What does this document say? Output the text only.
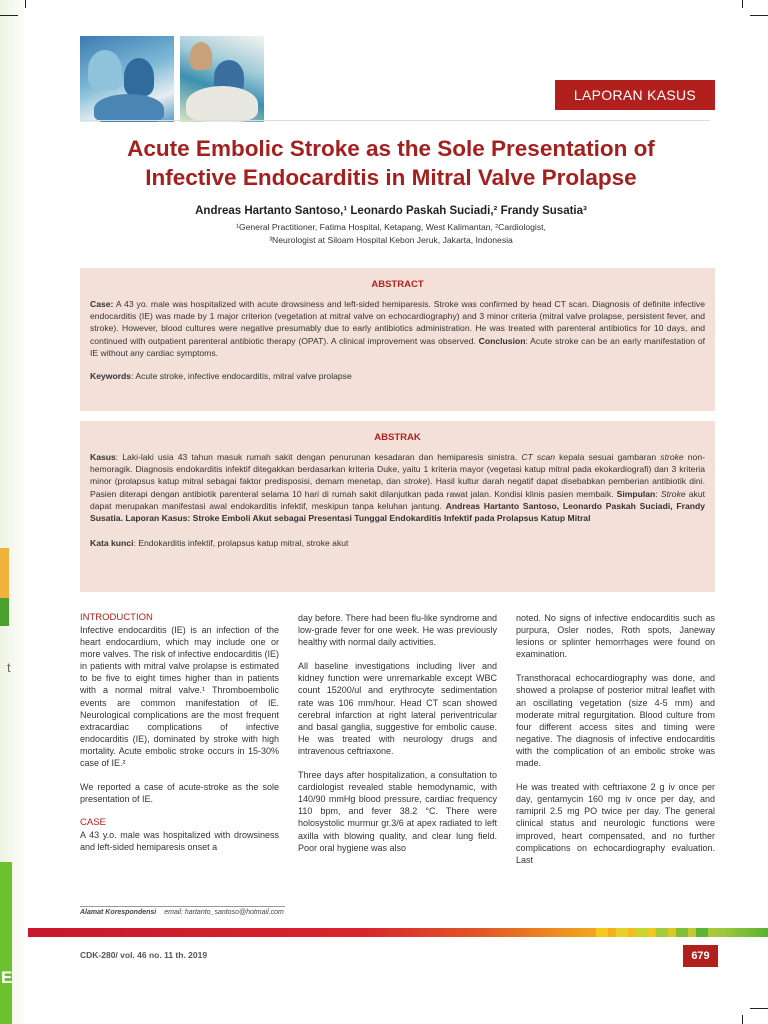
E
t
LAPORAN KASUS
Acute Embolic Stroke as the Sole Presentation of
Infective Endocarditis in Mitral Valve Prolapse
Andreas Hartanto Santoso,¹ Leonardo Paskah Suciadi,² Frandy Susatia³
¹General Practitioner, Fatima Hospital, Ketapang, West Kalimantan, ²Cardiologist,
³Neurologist at Siloam Hospital Kebon Jeruk, Jakarta, Indonesia
ABSTRACT

Case: A 43 yo. male was hospitalized with acute drowsiness and left-sided hemiparesis. Stroke was confirmed by head CT scan. Diagnosis of definite infective endocarditis (IE) was made by 1 major criterion (vegetation at mitral valve on echocardiography) and 3 minor criteria (mitral valve prolapse, persistent fever, and stroke). However, blood cultures were negative presumably due to early antibiotics administration. He was treated with parenteral antibiotics for 10 days, and continued with outpatient parenteral antibiotic therapy (OPAT). A clinical improvement was observed. Conclusion: Acute stroke can be an early manifestation of IE without any cardiac symptoms.

Keywords: Acute stroke, infective endocarditis, mitral valve prolapse

ABSTRAK

Kasus: Laki-laki usia 43 tahun masuk rumah sakit dengan penurunan kesadaran dan hemiparesis sinistra. CT scan kepala sesuai gambaran stroke non-hemoragik. Diagnosis endokarditis infektif ditegakkan berdasarkan kriteria Duke, yaitu 1 kriteria mayor (vegetasi katup mitral pada ekokardiografi) dan 3 kriteria minor (prolapsus katup mitral sebagai faktor predisposisi, demam menetap, dan stroke). Hasil kultur darah negatif dapat disebabkan pemberian antibiotik dini. Pasien diterapi dengan antibiotik parenteral selama 10 hari di rumah sakit dilanjutkan pada rawat jalan. Kondisi klinis pasien membaik. Simpulan: Stroke akut dapat merupakan manifestasi awal endokarditis infektif, meskipun tanpa keluhan jantung. Andreas Hartanto Santoso, Leonardo Paskah Suciadi, Frandy Susatia. Laporan Kasus: Stroke Emboli Akut sebagai Presentasi Tunggal Endokarditis Infektif pada Prolapsus Katup Mitral

Kata kunci: Endokarditis infektif, prolapsus katup mitral, stroke akut

INTRODUCTION

Infective endocarditis (IE) is an infection of the heart endocardium, which may include one or more valves. The risk of infective endocarditis (IE) in patients with mitral valve prolapse is estimated to be five to eight times higher than in patients with a normal mitral valve.¹ Thromboembolic events are common manifestation of IE. Neurological complications are the most frequent extracardiac complications of infective endocarditis (IE), dominated by stroke with high mortality. Acute embolic stroke occurs in 15-30% case of IE.²

We reported a case of acute-stroke as the sole presentation of IE.

CASE

A 43 y.o. male was hospitalized with drowsiness and left-sided hemiparesis onset a

day before. There had been flu-like syndrome and low-grade fever for one week. He was previously healthy with normal daily activities.

All baseline investigations including liver and kidney function were unremarkable except WBC count 15200/ul and erythrocyte sedimentation rate was 106 mm/hour. Head CT scan showed cerebral infarction at right lateral periventricular and basal ganglia, suggestive for embolic cause. He was treated with neurology drugs and intravenous ceftriaxone.

Three days after hospitalization, a consultation to cardiologist revealed stable hemodynamic, with 140/90 mmHg blood pressure, cardiac frequency 110 bpm, and fever 38.2 °C. There were holosystolic murmur gr.3/6 at apex radiated to left axilla with blowing quality, and clear lung field. Poor oral hygiene was also

noted. No signs of infective endocarditis such as purpura, Osler nodes, Roth spots, Janeway lesions or splinter hemorrhages were found on examination.

Transthoracal echocardiography was done, and showed a prolapse of posterior mitral leaflet with an oscillating vegetation (size 4-5 mm) and moderate mitral regurgitation. Blood culture from four different access sites and timing were negative. The diagnosis of infective endocarditis with the complication of an embolic stroke was made.

He was treated with ceftriaxone 2 g iv once per day, gentamycin 160 mg iv once per day, and ramipril 2.5 mg PO twice per day. The general clinical status and neurologic functions were improved, heart compensated, and no further complications on echocardiography evaluation. Last

Alamat Korespondensi email: hartanto_santoso@hotmail.com
CDK-280/ vol. 46 no. 11 th. 2019	679
